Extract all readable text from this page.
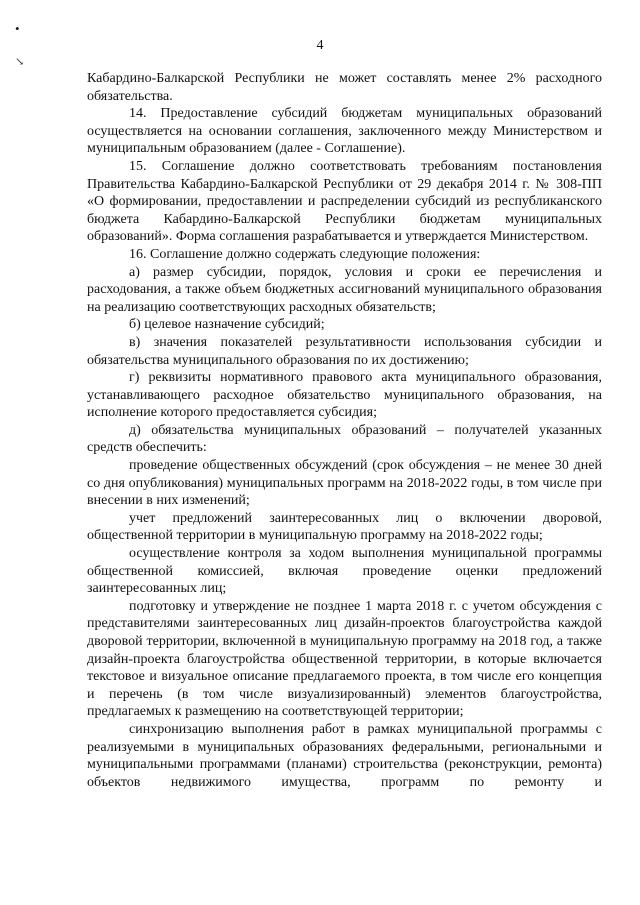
•
↘
4

Кабардино-Балкарской Республики не может составлять менее 2% расходного обязательства.

14. Предоставление субсидий бюджетам муниципальных образований осуществляется на основании соглашения, заключенного между Министерством и муниципальным образованием (далее - Соглашение).

15. Соглашение должно соответствовать требованиям постановления Правительства Кабардино-Балкарской Республики от 29 декабря 2014 г. № 308-ПП «О формировании, предоставлении и распределении субсидий из республиканского бюджета Кабардино-Балкарской Республики бюджетам муниципальных образований». Форма соглашения разрабатывается и утверждается Министерством.

16. Соглашение должно содержать следующие положения:

а) размер субсидии, порядок, условия и сроки ее перечисления и расходования, а также объем бюджетных ассигнований муниципального образования на реализацию соответствующих расходных обязательств;

б) целевое назначение субсидий;

в) значения показателей результативности использования субсидии и обязательства муниципального образования по их достижению;

г) реквизиты нормативного правового акта муниципального образования, устанавливающего расходное обязательство муниципального образования, на исполнение которого предоставляется субсидия;

д) обязательства муниципальных образований – получателей указанных средств обеспечить:

проведение общественных обсуждений (срок обсуждения – не менее 30 дней со дня опубликования) муниципальных программ на 2018-2022 годы, в том числе при внесении в них изменений;

учет предложений заинтересованных лиц о включении дворовой, общественной территории в муниципальную программу на 2018-2022 годы;

осуществление контроля за ходом выполнения муниципальной программы общественной комиссией, включая проведение оценки предложений заинтересованных лиц;

подготовку и утверждение не позднее 1 марта 2018 г. с учетом обсуждения с представителями заинтересованных лиц дизайн-проектов благоустройства каждой дворовой территории, включенной в муниципальную программу на 2018 год, а также дизайн-проекта благоустройства общественной территории, в которые включается текстовое и визуальное описание предлагаемого проекта, в том числе его концепция и перечень (в том числе визуализированный) элементов благоустройства, предлагаемых к размещению на соответствующей территории;

синхронизацию выполнения работ в рамках муниципальной программы с реализуемыми в муниципальных образованиях федеральными, региональными и муниципальными программами (планами) строительства (реконструкции, ремонта) объектов недвижимого имущества, программ по ремонту и
